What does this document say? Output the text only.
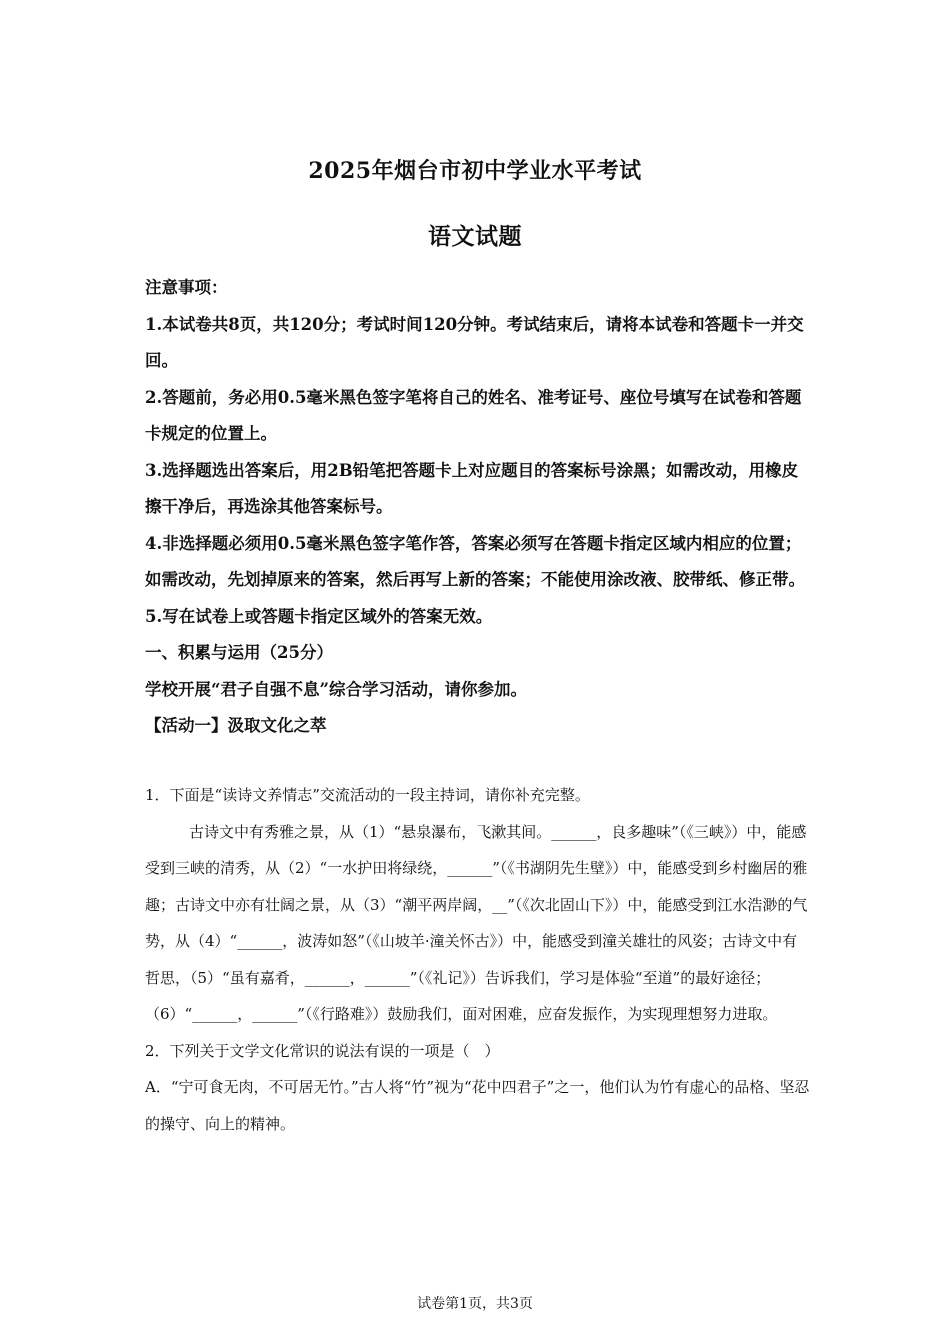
2025年烟台市初中学业水平考试
语文试题

注意事项：

1.本试卷共8页，共120分；考试时间120分钟。考试结束后，请将本试卷和答题卡一并交回。

2.答题前，务必用0.5毫米黑色签字笔将自己的姓名、准考证号、座位号填写在试卷和答题卡规定的位置上。

3.选择题选出答案后，用2B铅笔把答题卡上对应题目的答案标号涂黑；如需改动，用橡皮擦干净后，再选涂其他答案标号。

4.非选择题必须用0.5毫米黑色签字笔作答，答案必须写在答题卡指定区域内相应的位置；如需改动，先划掉原来的答案，然后再写上新的答案；不能使用涂改液、胶带纸、修正带。

5.写在试卷上或答题卡指定区域外的答案无效。

一、积累与运用（25分）

学校开展“君子自强不息”综合学习活动，请你参加。

【活动一】汲取文化之萃

1．下面是“读诗文养情志”交流活动的一段主持词，请你补充完整。

古诗文中有秀雅之景，从（1）“悬泉瀑布，飞漱其间。______，良多趣味”（《三峡》）中，能感受到三峡的清秀，从（2）“一水护田将绿绕，______”（《书湖阴先生壁》）中，能感受到乡村幽居的雅趣；古诗文中亦有壮阔之景，从（3）“潮平两岸阔，__”（《次北固山下》）中，能感受到江水浩渺的气势，从（4）“______，波涛如怒”（《山坡羊·潼关怀古》）中，能感受到潼关雄壮的风姿；古诗文中有哲思，（5）“虽有嘉肴，______，______”（《礼记》）告诉我们，学习是体验“至道”的最好途径；（6）“______，______”（《行路难》）鼓励我们，面对困难，应奋发振作，为实现理想努力进取。

2．下列关于文学文化常识的说法有误的一项是（　）

A．“宁可食无肉，不可居无竹。”古人将“竹”视为“花中四君子”之一，他们认为竹有虚心的品格、坚忍的操守、向上的精神。

试卷第1页，共3页
